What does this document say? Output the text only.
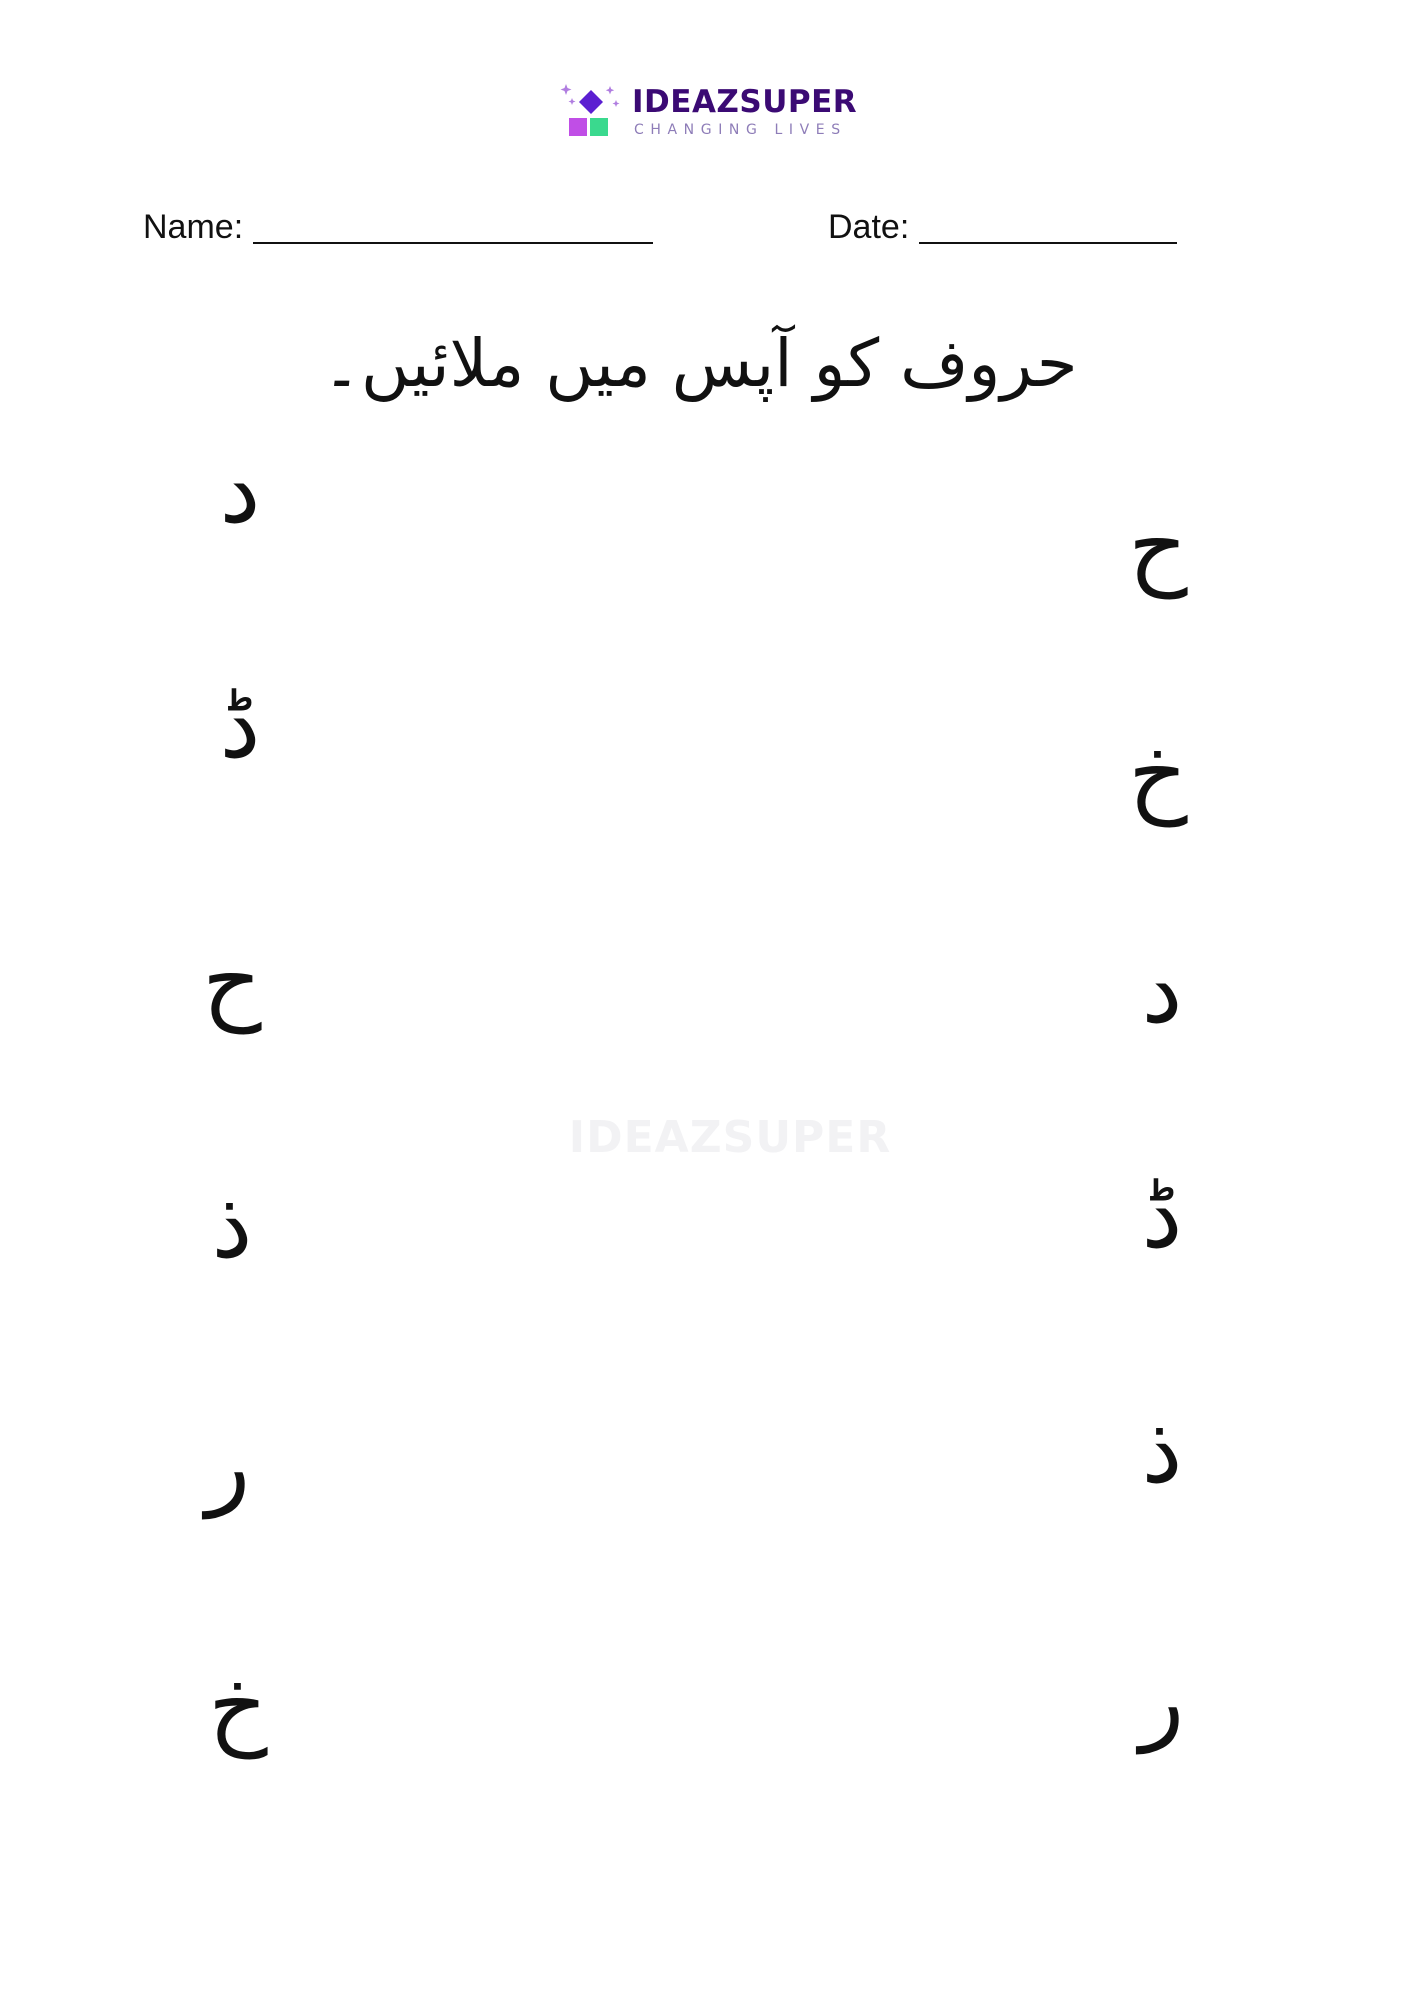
IDEAZSUPER
CHANGING LIVES
Name:	Date:
حروف کو آپس میں ملائیں۔
IDEAZSUPER
د
ڈ
ح
ذ
ر
خ
ح
خ
د
ڈ
ذ
ر
